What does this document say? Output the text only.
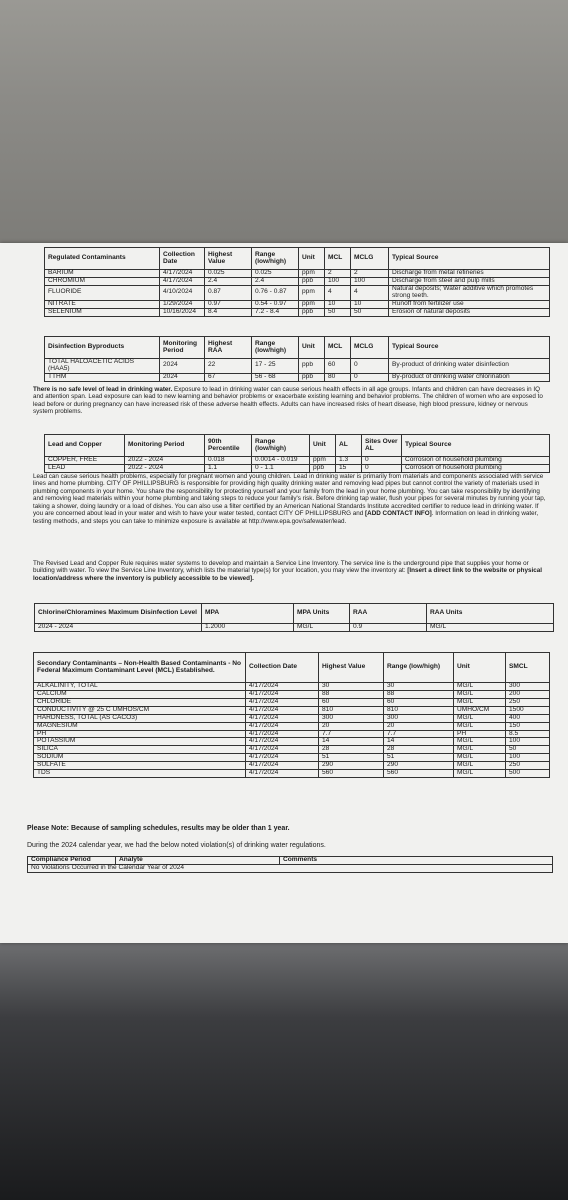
Regulated Contaminants	Collection Date	Highest Value	Range (low/high)	Unit	MCL	MCLG	Typical Source
BARIUM	4/17/2024	0.025	0.025	ppm	2	2	Discharge from metal refineries
CHROMIUM	4/17/2024	2.4	2.4	ppb	100	100	Discharge from steel and pulp mills
FLUORIDE	4/10/2024	0.87	0.76 - 0.87	ppm	4	4	Natural deposits; Water additive which promotes strong teeth.
NITRATE	1/29/2024	0.97	0.54 - 0.97	ppm	10	10	Runoff from fertilizer use
SELENIUM	10/16/2024	8.4	7.2 - 8.4	ppb	50	50	Erosion of natural deposits
Disinfection Byproducts	Monitoring Period	Highest RAA	Range (low/high)	Unit	MCL	MCLG	Typical Source
TOTAL HALOACETIC ACIDS (HAA5)	2024	22	17 - 25	ppb	60	0	By-product of drinking water disinfection
TTHM	2024	67	56 - 68	ppb	80	0	By-product of drinking water chlorination
There is no safe level of lead in drinking water. Exposure to lead in drinking water can cause serious health effects in all age groups. Infants and children can have decreases in IQ and attention span. Lead exposure can lead to new learning and behavior problems or exacerbate existing learning and behavior problems. The children of women who are exposed to lead before or during pregnancy can have increased risk of these adverse health effects. Adults can have increased risks of heart disease, high blood pressure, kidney or nervous system problems.
Lead and Copper	Monitoring Period	90th Percentile	Range (low/high)	Unit	AL	Sites Over AL	Typical Source
COPPER, FREE	2022 - 2024	0.018	0.0014 - 0.019	ppm	1.3	0	Corrosion of household plumbing
LEAD	2022 - 2024	1.1	0 - 1.1	ppb	15	0	Corrosion of household plumbing
Lead can cause serious health problems, especially for pregnant women and young children. Lead in drinking water is primarily from materials and components associated with service lines and home plumbing. CITY OF PHILLIPSBURG is responsible for providing high quality drinking water and removing lead pipes but cannot control the variety of materials used in plumbing components in your home. You share the responsibility for protecting yourself and your family from the lead in your home plumbing. You can take responsibility by identifying and removing lead materials within your home plumbing and taking steps to reduce your family's risk. Before drinking tap water, flush your pipes for several minutes by running your tap, taking a shower, doing laundry or a load of dishes. You can also use a filter certified by an American National Standards Institute accredited certifier to reduce lead in drinking water. If you are concerned about lead in your water and wish to have your water tested, contact CITY OF PHILLIPSBURG and [ADD CONTACT INFO]. Information on lead in drinking water, testing methods, and steps you can take to minimize exposure is available at http://www.epa.gov/safewater/lead.
The Revised Lead and Copper Rule requires water systems to develop and maintain a Service Line Inventory. The service line is the underground pipe that supplies your home or building with water. To view the Service Line Inventory, which lists the material type(s) for your location, you may view the inventory at: [Insert a direct link to the website or physical location/address where the inventory is publicly accessible to be viewed].
Chlorine/Chloramines Maximum Disinfection Level	MPA	MPA Units	RAA	RAA Units
2024 - 2024	1.2000	MG/L	0.9	MG/L
Secondary Contaminants – Non-Health Based Contaminants - No Federal Maximum Contaminant Level (MCL) Established.	Collection Date	Highest Value	Range (low/high)	Unit	SMCL
ALKALINITY, TOTAL	4/17/2024	30	30	MG/L	300
CALCIUM	4/17/2024	88	88	MG/L	200
CHLORIDE	4/17/2024	60	60	MG/L	250
CONDUCTIVITY @ 25 C UMHOS/CM	4/17/2024	810	810	UMHO/CM	1500
HARDNESS, TOTAL (AS CACO3)	4/17/2024	300	300	MG/L	400
MAGNESIUM	4/17/2024	20	20	MG/L	150
PH	4/17/2024	7.7	7.7	PH	8.5
POTASSIUM	4/17/2024	14	14	MG/L	100
SILICA	4/17/2024	28	28	MG/L	50
SODIUM	4/17/2024	51	51	MG/L	100
SULFATE	4/17/2024	290	290	MG/L	250
TDS	4/17/2024	560	560	MG/L	500
Please Note: Because of sampling schedules, results may be older than 1 year.
During the 2024 calendar year, we had the below noted violation(s) of drinking water regulations.
Compliance Period	Analyte	Comments
No Violations Occurred in the Calendar Year of 2024
